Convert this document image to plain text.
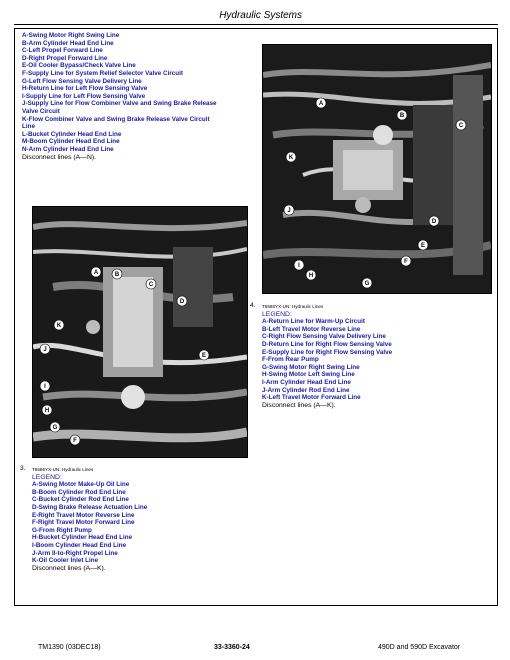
Hydraulic Systems
A-Swing Motor Right Swing Line
B-Arm Cylinder Head End Line
C-Left Propel Forward Line
D-Right Propel Forward Line
E-Oil Cooler Bypass/Check Valve Line
F-Supply Line for System Relief Selector Valve Circuit
G-Left Flow Sensing Valve Delivery Line
H-Return Line for Left Flow Sensing Valve
I-Supply Line for Left Flow Sensing Valve
J-Supply Line for Flow Combiner Valve and Swing Brake Release
Valve Circuit
K-Flow Combiner Valve and Swing Brake Release Valve Circuit
Line
L-Bucket Cylinder Head End Line
M-Boom Cylinder Head End Line
N-Arm Cylinder Head End Line
Disconnect lines (A—N).
A
B
C
D
E
F
G
H
I
J
K
4. T6585YX-UN: Hydraulic Lines
LEGEND:
A-Return Line for Warm-Up Circuit
B-Left Travel Motor Reverse Line
C-Right Flow Sensing Valve Delivery Line
D-Return Line for Right Flow Sensing Valve
E-Supply Line for Right Flow Sensing Valve
F-From Rear Pump
G-Swing Motor Right Swing Line
H-Swing Motor Left Swing Line
I-Arm Cylinder Head End Line
J-Arm Cylinder Rod End Line
K-Left Travel Motor Forward Line
Disconnect lines (A—K).
A	B
C
D
E
F
G
H
I
J
K
3. T6586YX-UN: Hydraulic Lines
LEGEND:
A-Swing Motor Make-Up Oil Line
B-Boom Cylinder Rod End Line
C-Bucket Cylinder Rod End Line
D-Swing Brake Release Actuation Line
E-Right Travel Motor Reverse Line
F-Right Travel Motor Forward Line
G-From Right Pump
H-Bucket Cylinder Head End Line
I-Boom Cylinder Head End Line
J-Arm II-to-Right Propel Line
K-Oil Cooler Inlet Line
Disconnect lines (A—K).
TM1390 (03DEC18)	33-3360-24	490D and 590D Excavator
